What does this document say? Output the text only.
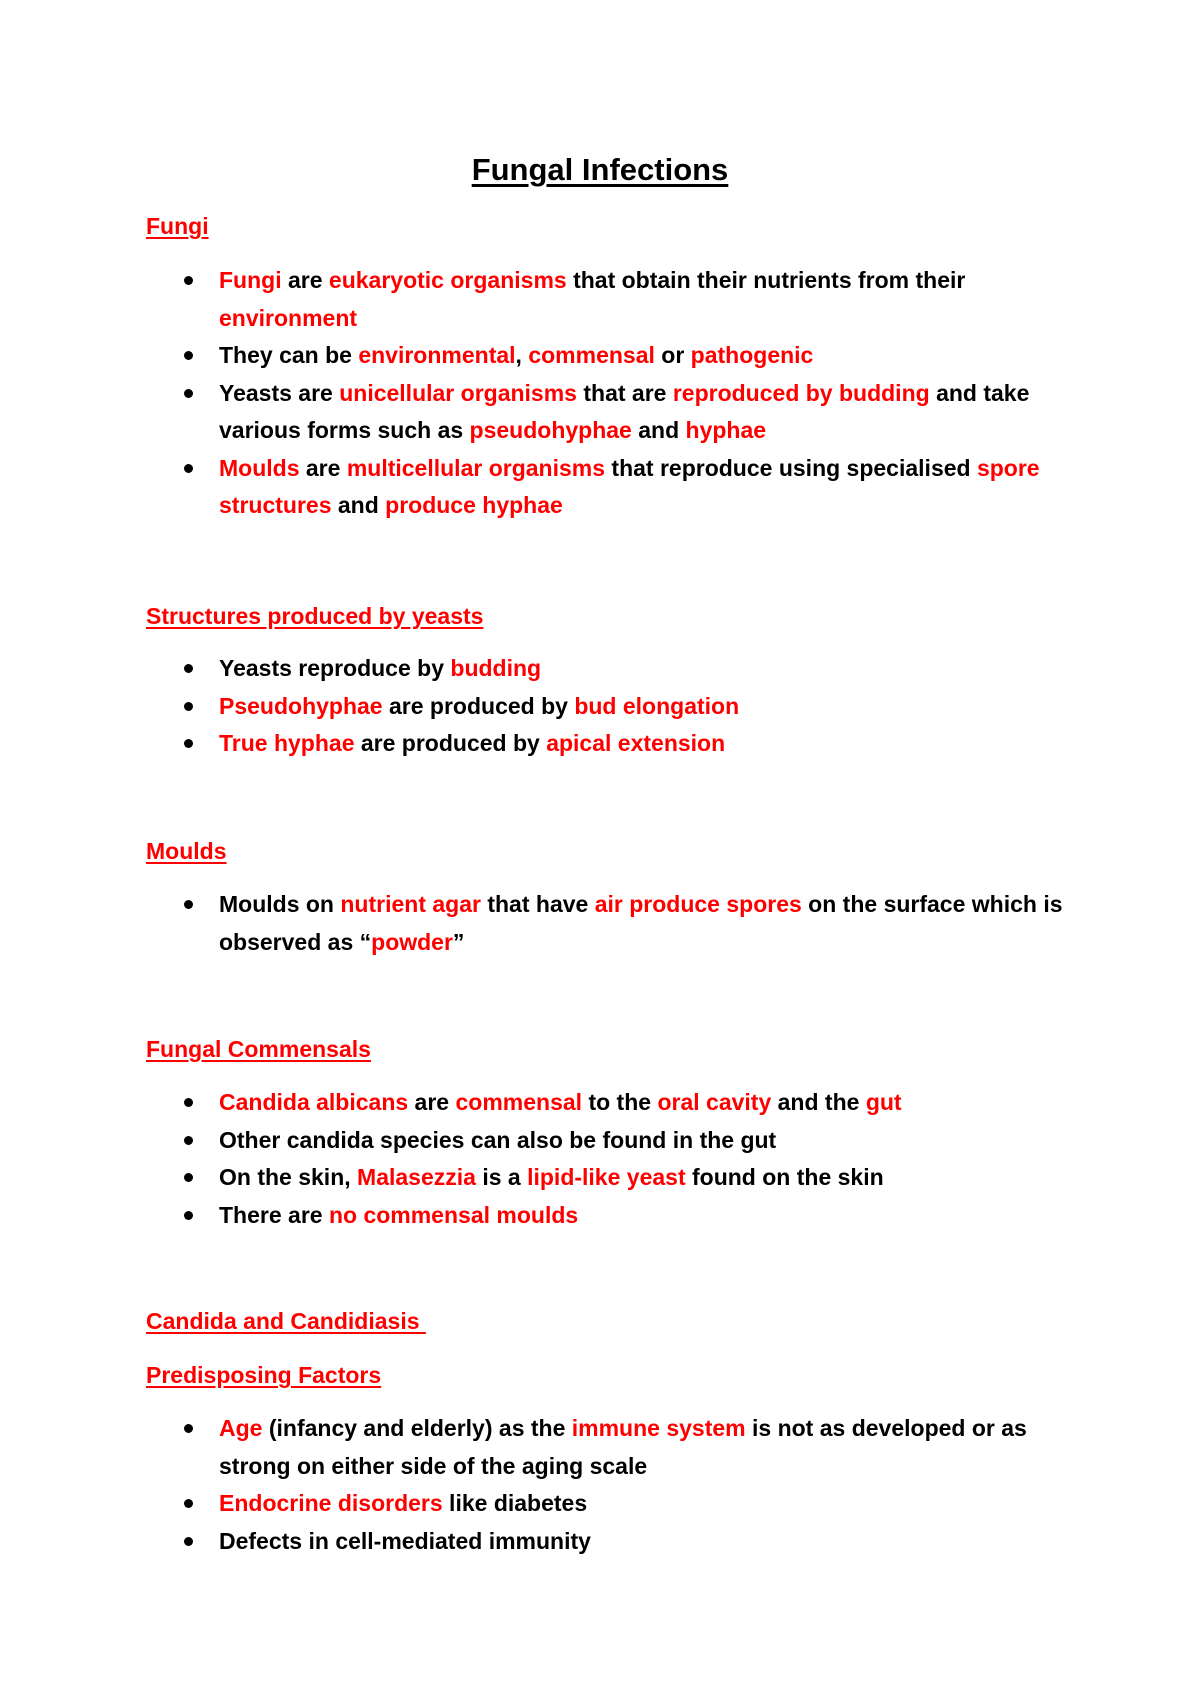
Fungal Infections
Fungi
Fungi are eukaryotic organisms that obtain their nutrients from their environment
They can be environmental, commensal or pathogenic
Yeasts are unicellular organisms that are reproduced by budding and take various forms such as pseudohyphae and hyphae
Moulds are multicellular organisms that reproduce using specialised spore structures and produce hyphae
Structures produced by yeasts
Yeasts reproduce by budding
Pseudohyphae are produced by bud elongation
True hyphae are produced by apical extension
Moulds
Moulds on nutrient agar that have air produce spores on the surface which is observed as “powder”
Fungal Commensals
Candida albicans are commensal to the oral cavity and the gut
Other candida species can also be found in the gut
On the skin, Malasezzia is a lipid-like yeast found on the skin
There are no commensal moulds
Candida and Candidiasis
Predisposing Factors
Age (infancy and elderly) as the immune system is not as developed or as strong on either side of the aging scale
Endocrine disorders like diabetes
Defects in cell-mediated immunity
